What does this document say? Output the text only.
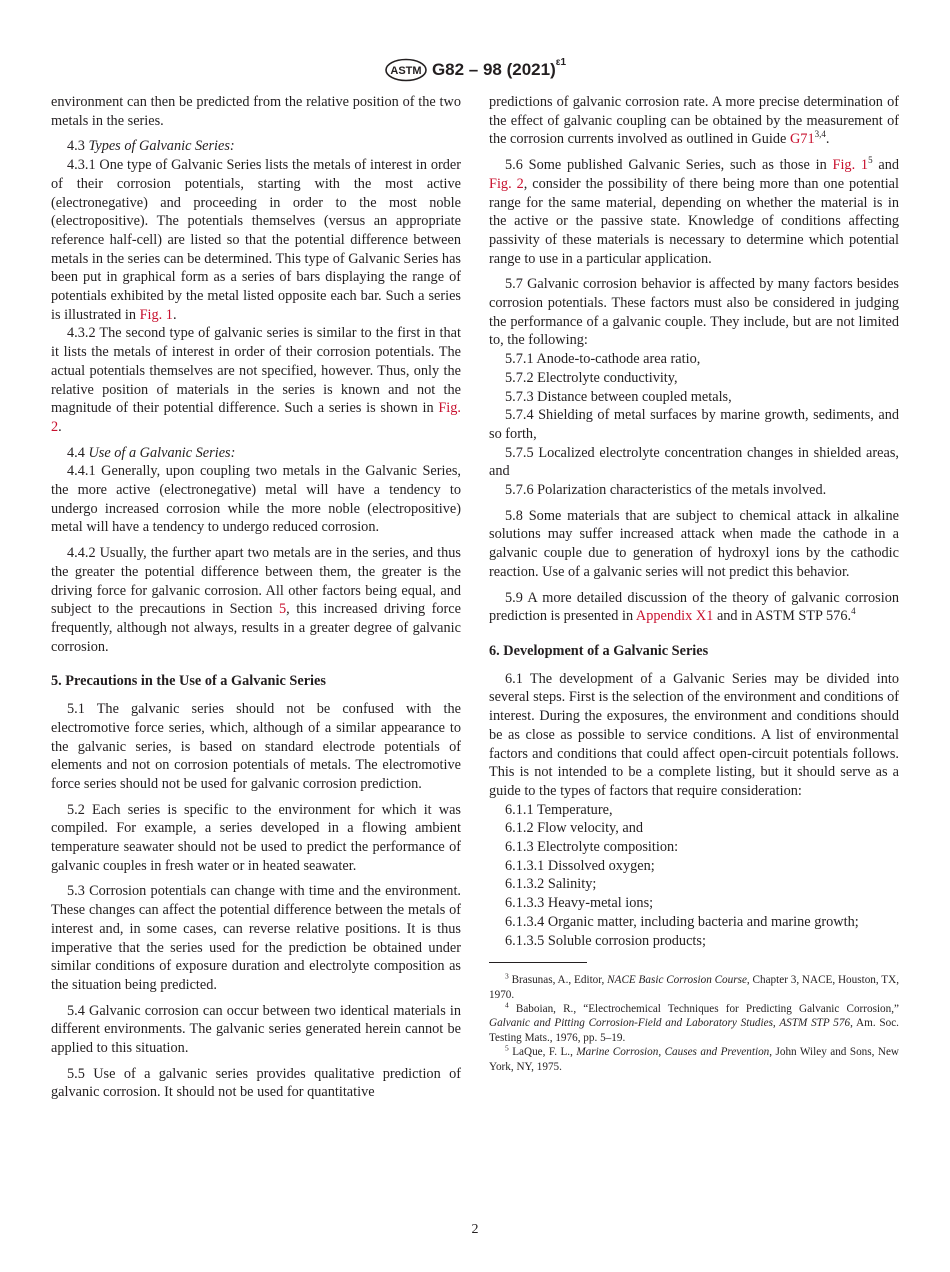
ASTM G82 – 98 $(2021)^{\varepsilon 1}$

environment can then be predicted from the relative position of the two metals in the series.

4.3 Types of Galvanic Series:

4.3.1 One type of Galvanic Series lists the metals of interest in order of their corrosion potentials, starting with the most active (electronegative) and proceeding in order to the most noble (electropositive). The potentials themselves (versus an appropriate reference half-cell) are listed so that the potential difference between metals in the series can be determined. This type of Galvanic Series has been put in graphical form as a series of bars displaying the range of potentials exhibited by the metal listed opposite each bar. Such a series is illustrated in Fig. 1.

4.3.2 The second type of galvanic series is similar to the first in that it lists the metals of interest in order of their corrosion potentials. The actual potentials themselves are not specified, however. Thus, only the relative position of materials in the series is known and not the magnitude of their potential difference. Such a series is shown in Fig. 2.

4.4 Use of a Galvanic Series:

4.4.1 Generally, upon coupling two metals in the Galvanic Series, the more active (electronegative) metal will have a tendency to undergo increased corrosion while the more noble (electropositive) metal will have a tendency to undergo reduced corrosion.

4.4.2 Usually, the further apart two metals are in the series, and thus the greater the potential difference between them, the greater is the driving force for galvanic corrosion. All other factors being equal, and subject to the precautions in Section 5, this increased driving force frequently, although not always, results in a greater degree of galvanic corrosion.

5. Precautions in the Use of a Galvanic Series

5.1 The galvanic series should not be confused with the electromotive force series, which, although of a similar appearance to the galvanic series, is based on standard electrode potentials of elements and not on corrosion potentials of metals. The electromotive force series should not be used for galvanic corrosion prediction.

5.2 Each series is specific to the environment for which it was compiled. For example, a series developed in a flowing ambient temperature seawater should not be used to predict the performance of galvanic couples in fresh water or in heated seawater.

5.3 Corrosion potentials can change with time and the environment. These changes can affect the potential difference between the metals of interest and, in some cases, can reverse relative positions. It is thus imperative that the series used for the prediction be obtained under similar conditions of exposure duration and electrolyte composition as the situation being predicted.

5.4 Galvanic corrosion can occur between two identical materials in different environments. The galvanic series generated herein cannot be applied to this situation.

5.5 Use of a galvanic series provides qualitative prediction of galvanic corrosion. It should not be used for quantitative

predictions of galvanic corrosion rate. A more precise determination of the effect of galvanic coupling can be obtained by the measurement of the corrosion currents involved as outlined in Guide G71$^{3,4}$.

5.6 Some published Galvanic Series, such as those in Fig. $1^5$ and Fig. 2, consider the possibility of there being more than one potential range for the same material, depending on whether the material is in the active or the passive state. Knowledge of conditions affecting passivity of these materials is necessary to determine which potential range to use in a particular application.

5.7 Galvanic corrosion behavior is affected by many factors besides corrosion potentials. These factors must also be considered in judging the performance of a galvanic couple. They include, but are not limited to, the following:

5.7.1 Anode-to-cathode area ratio,

5.7.2 Electrolyte conductivity,

5.7.3 Distance between coupled metals,

5.7.4 Shielding of metal surfaces by marine growth, sediments, and so forth,

5.7.5 Localized electrolyte concentration changes in shielded areas, and

5.7.6 Polarization characteristics of the metals involved.

5.8 Some materials that are subject to chemical attack in alkaline solutions may suffer increased attack when made the cathode in a galvanic couple due to generation of hydroxyl ions by the cathodic reaction. Use of a galvanic series will not predict this behavior.

5.9 A more detailed discussion of the theory of galvanic corrosion prediction is presented in Appendix X1 and in ASTM STP 576.$^4$

6. Development of a Galvanic Series

6.1 The development of a Galvanic Series may be divided into several steps. First is the selection of the environment and conditions of interest. During the exposures, the environment and conditions should be as close as possible to service conditions. A list of environmental factors and conditions that could affect open-circuit potentials follows. This is not intended to be a complete listing, but it should serve as a guide to the types of factors that require consideration:

6.1.1 Temperature,

6.1.2 Flow velocity, and

6.1.3 Electrolyte composition:

6.1.3.1 Dissolved oxygen;

6.1.3.2 Salinity;

6.1.3.3 Heavy-metal ions;

6.1.3.4 Organic matter, including bacteria and marine growth;

6.1.3.5 Soluble corrosion products;

$^3$ Brasunas, A., Editor, NACE Basic Corrosion Course, Chapter 3, NACE, Houston, TX, 1970.

$^4$ Baboian, R., “Electrochemical Techniques for Predicting Galvanic Corrosion,” Galvanic and Pitting Corrosion-Field and Laboratory Studies, ASTM STP 576, Am. Soc. Testing Mats., 1976, pp. 5–19.

$^5$ LaQue, F. L., Marine Corrosion, Causes and Prevention, John Wiley and Sons, New York, NY, 1975.

2
